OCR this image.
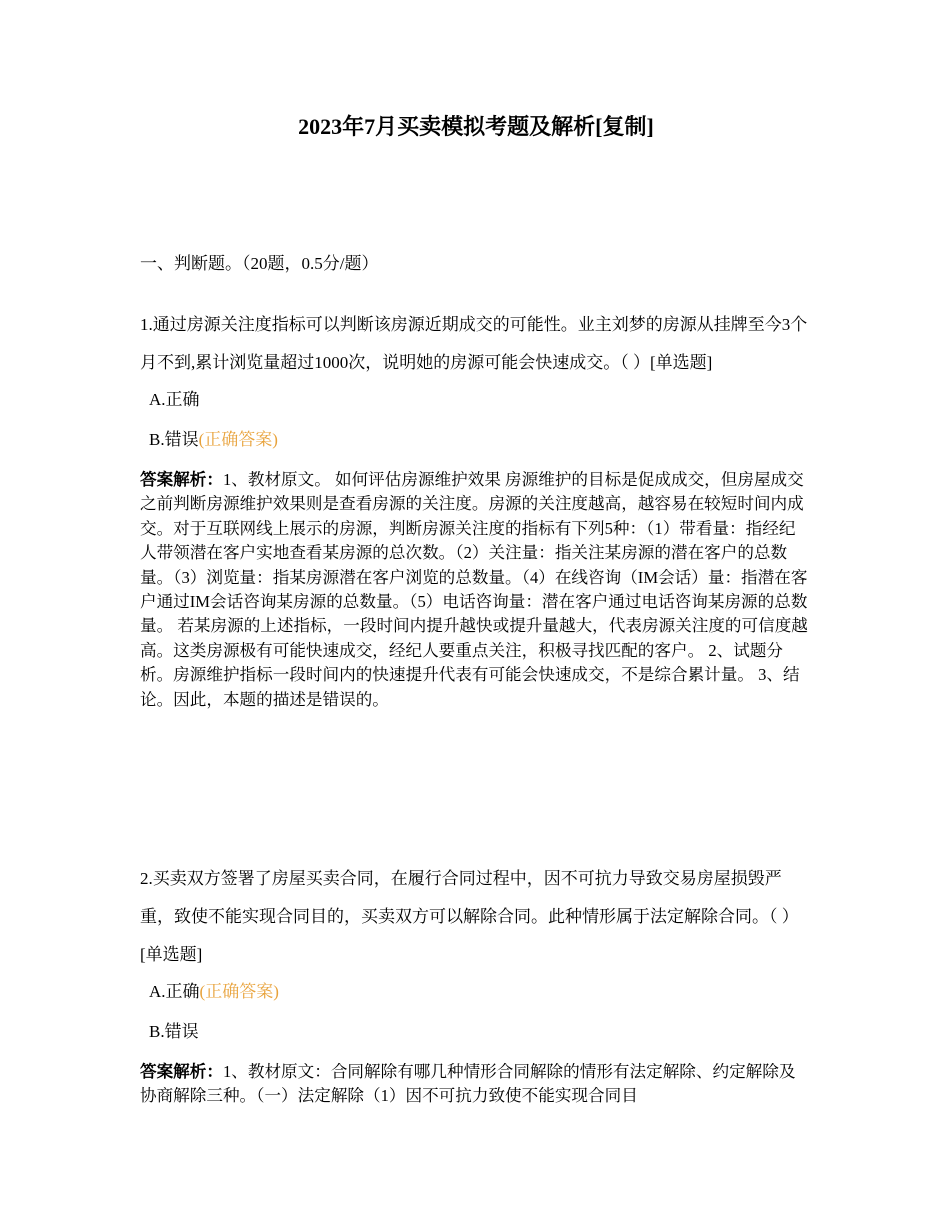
2023年7月买卖模拟考题及解析[复制]

一、判断题。（20题，0.5分/题）

1.通过房源关注度指标可以判断该房源近期成交的可能性。业主刘梦的房源从挂牌至今3个月不到,累计浏览量超过1000次，说明她的房源可能会快速成交。（ ）[单选题]

A.正确

B.错误(正确答案)

答案解析：1、教材原文。 如何评估房源维护效果 房源维护的目标是促成成交，但房屋成交之前判断房源维护效果则是查看房源的关注度。房源的关注度越高，越容易在较短时间内成交。对于互联网线上展示的房源，判断房源关注度的指标有下列5种：（1）带看量：指经纪人带领潜在客户实地查看某房源的总次数。（2）关注量：指关注某房源的潜在客户的总数量。（3）浏览量：指某房源潜在客户浏览的总数量。（4）在线咨询（IM会话）量：指潜在客户通过IM会话咨询某房源的总数量。（5）电话咨询量：潜在客户通过电话咨询某房源的总数量。 若某房源的上述指标，一段时间内提升越快或提升量越大，代表房源关注度的可信度越高。这类房源极有可能快速成交，经纪人要重点关注，积极寻找匹配的客户。 2、试题分析。房源维护指标一段时间内的快速提升代表有可能会快速成交，不是综合累计量。 3、结论。因此，本题的描述是错误的。

2.买卖双方签署了房屋买卖合同，在履行合同过程中，因不可抗力导致交易房屋损毁严重，致使不能实现合同目的，买卖双方可以解除合同。此种情形属于法定解除合同。（ ）[单选题]

A.正确(正确答案)

B.错误

答案解析：1、教材原文：合同解除有哪几种情形合同解除的情形有法定解除、约定解除及协商解除三种。（一）法定解除（1）因不可抗力致使不能实现合同目
